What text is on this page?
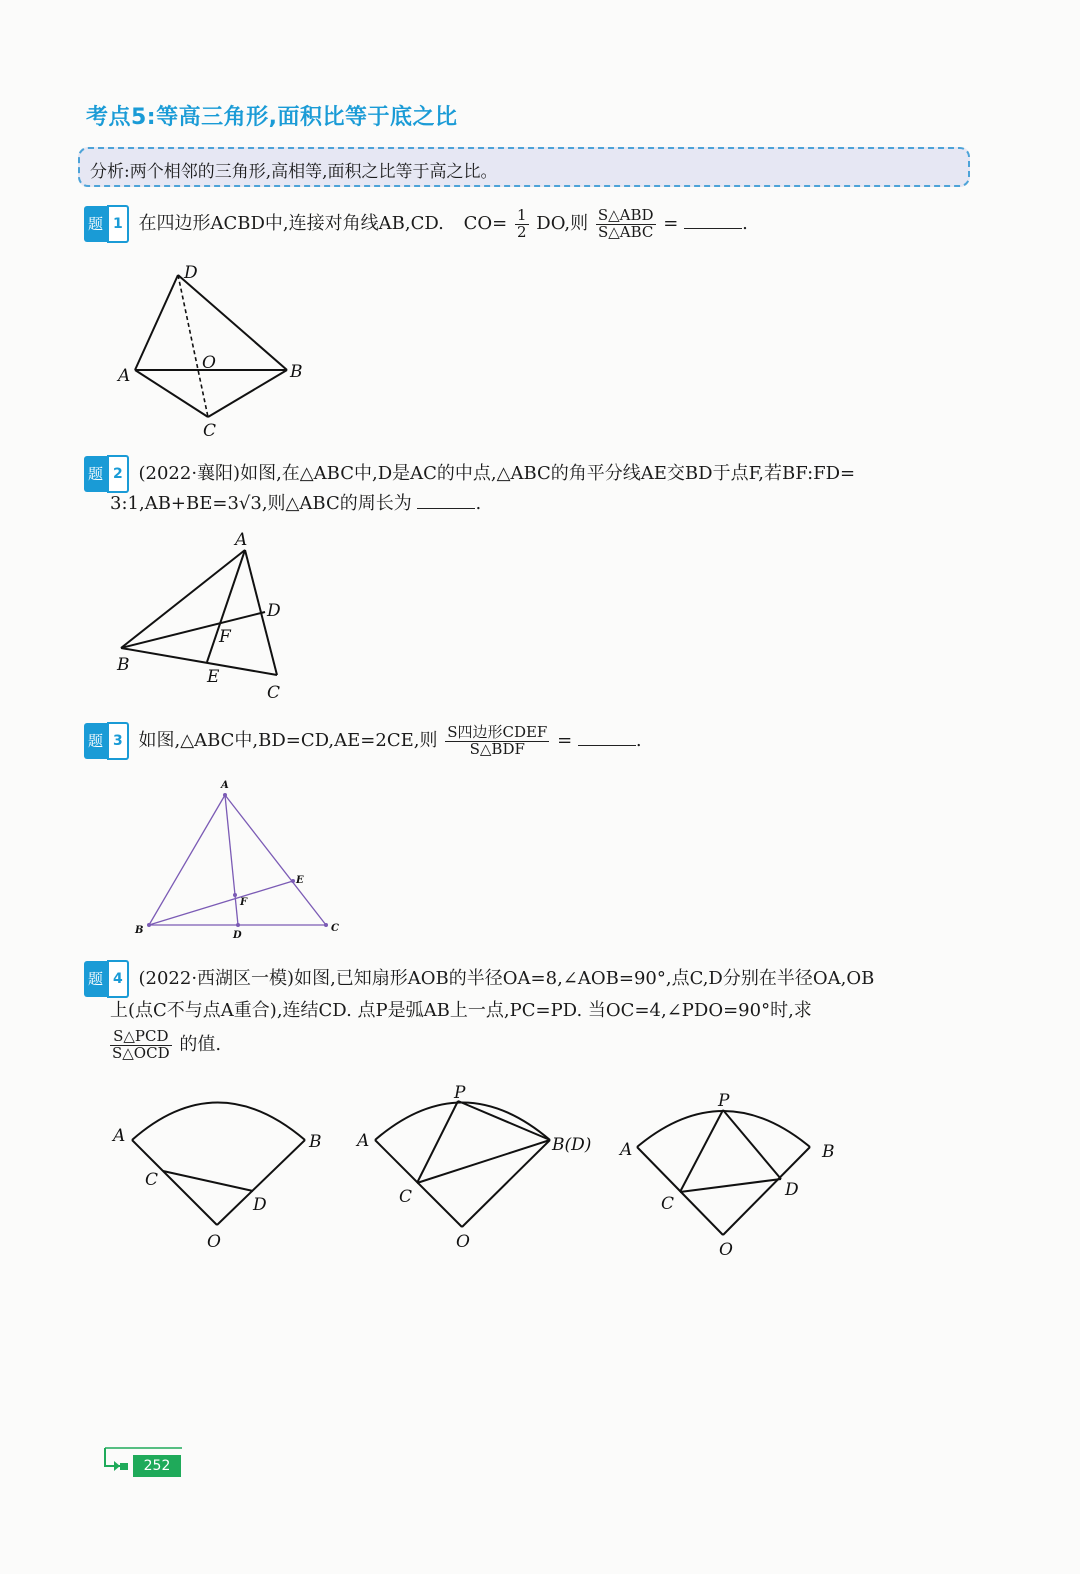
考点5:等高三角形,面积比等于底之比
分析:两个相邻的三角形,高相等,面积之比等于高之比。
题 1 在四边形ACBD中,连接对角线AB,CD. $CO= \frac{1}{2}$ DO,则 $\frac{\text{S△ABD}}{\text{S△ABC}}$ =	.
D
O
A	B
C
题 2 (2022·襄阳)如图,在△ABC中,D是AC的中点,△ABC的角平分线AE交BD于点F,若BF:FD=
3:1,AB+BE=3√3,则△ABC的周长为	.
A
D
F
B
E
C
题 3 如图,△ABC中,BD=CD,AE=2CE,则 $\frac{\text{S四边形CDEF}}{\text{S△BDF}}$ =	.
A
E
F
B	D
C
题 4 (2022·西湖区一模)如图,已知扇形AOB的半径OA=8,∠AOB=90°,点C,D分别在半径OA,OB
上(点C不与点A重合),连结CD. 点P是弧AB上一点,PC=PD. 当OC=4,∠PDO=90°时,求
$\frac{\text{S△PCD}}{\text{S△OCD}}$ 的值.
A	B
C
D
O
P
A	B(D)
C
O
P
A	B
C
D
O
252
